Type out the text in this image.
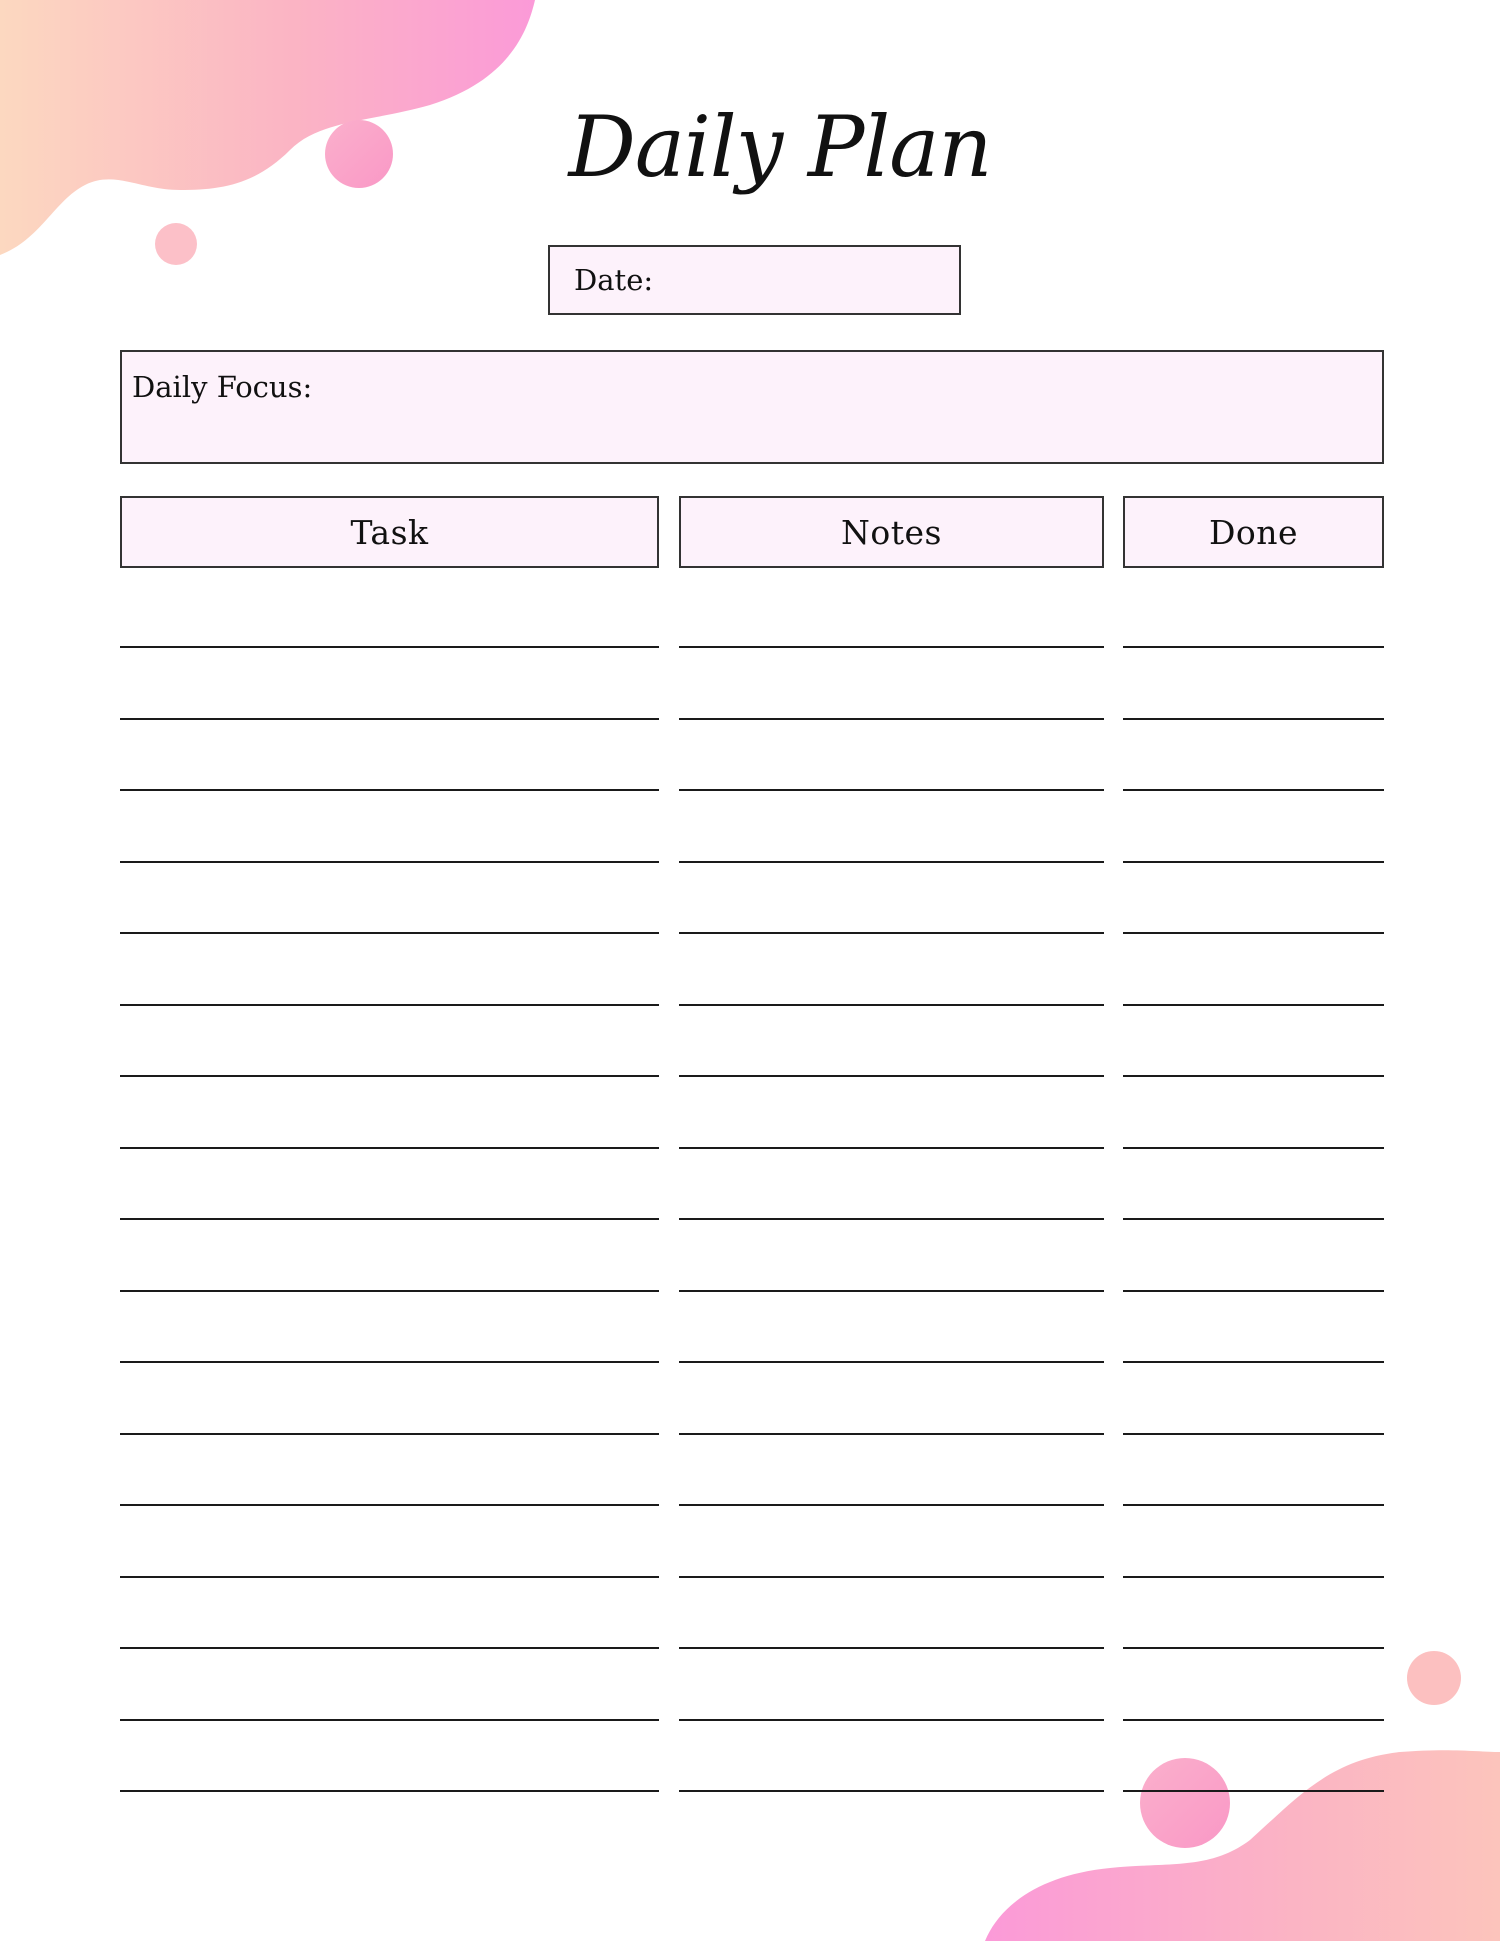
Daily Plan
Date:
Daily Focus:
Task	Notes	Done
